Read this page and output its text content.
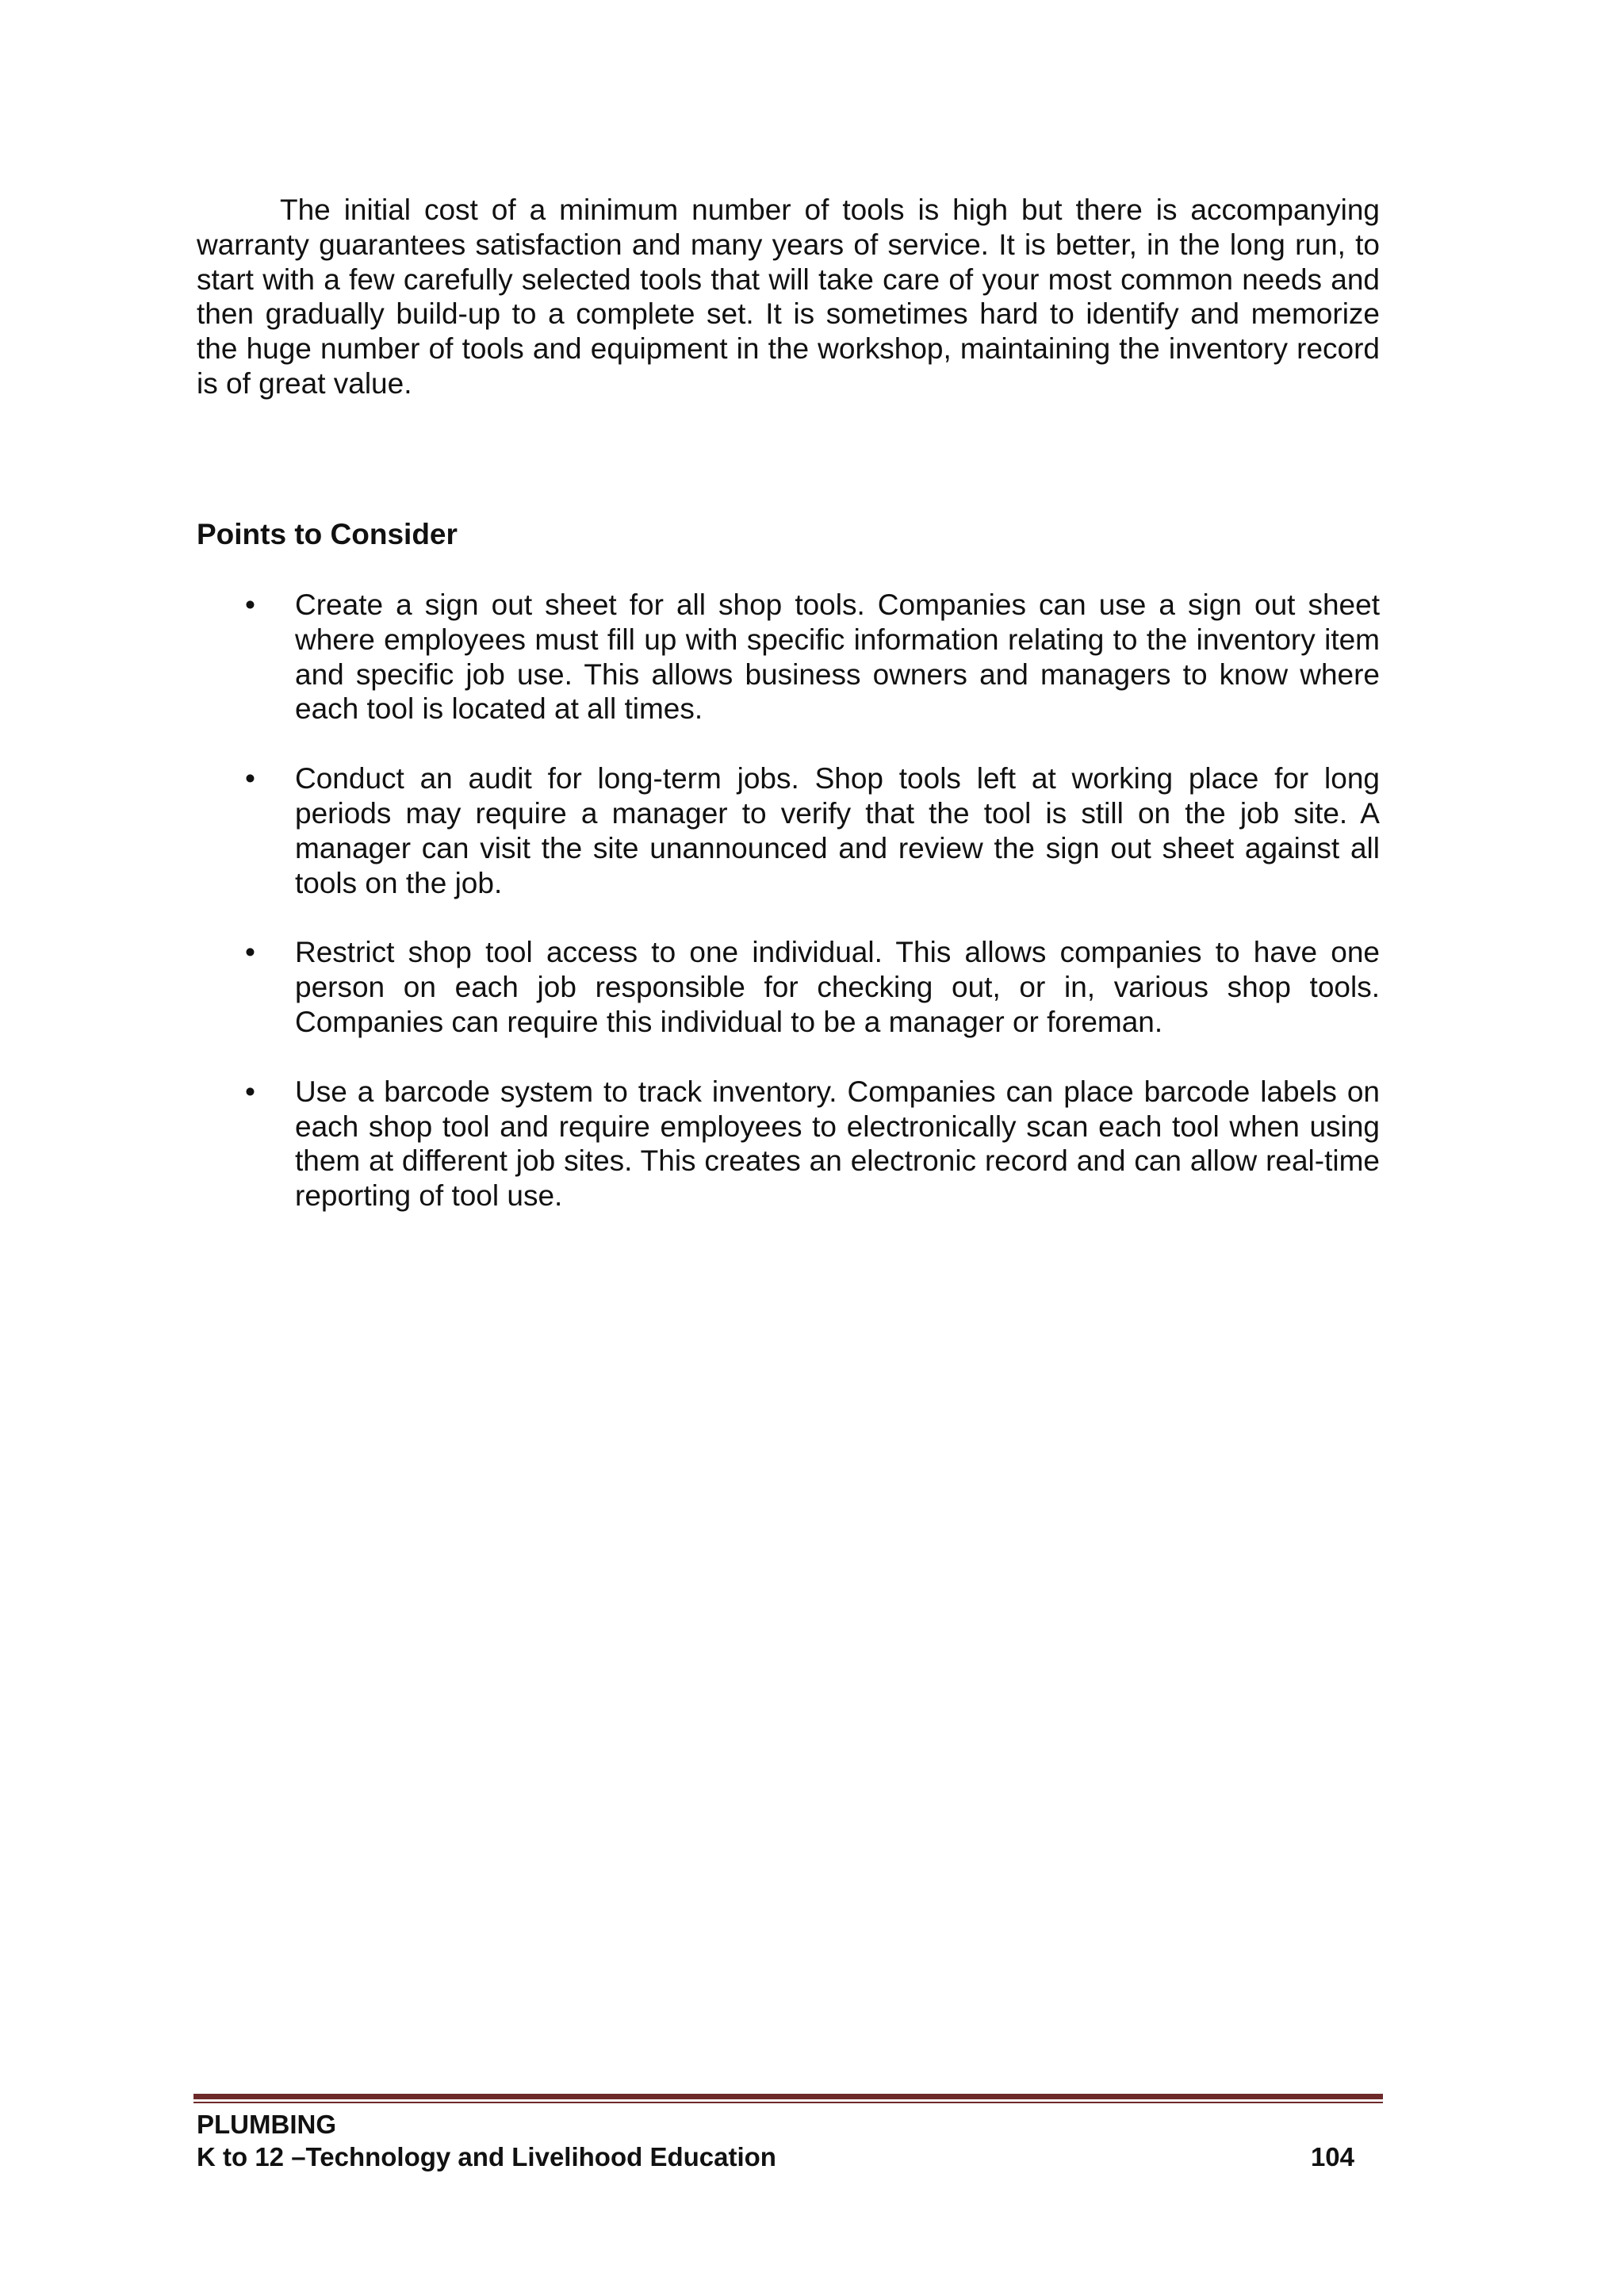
The initial cost of a minimum number of tools is high but there is accompanying warranty guarantees satisfaction and many years of service. It is better, in the long run, to start with a few carefully selected tools that will take care of your most common needs and then gradually build-up to a complete set. It is sometimes hard to identify and memorize the huge number of tools and equipment in the workshop, maintaining the inventory record is of great value.

Points to Consider
• Create a sign out sheet for all shop tools. Companies can use a sign out sheet where employees must fill up with specific information relating to the inventory item and specific job use. This allows business owners and managers to know where each tool is located at all times.
• Conduct an audit for long-term jobs. Shop tools left at working place for long periods may require a manager to verify that the tool is still on the job site. A manager can visit the site unannounced and review the sign out sheet against all tools on the job.
• Restrict shop tool access to one individual. This allows companies to have one person on each job responsible for checking out, or in, various shop tools. Companies can require this individual to be a manager or foreman.
• Use a barcode system to track inventory. Companies can place barcode labels on each shop tool and require employees to electronically scan each tool when using them at different job sites. This creates an electronic record and can allow real-time reporting of tool use.
PLUMBING
K to 12 –Technology and Livelihood Education	104
